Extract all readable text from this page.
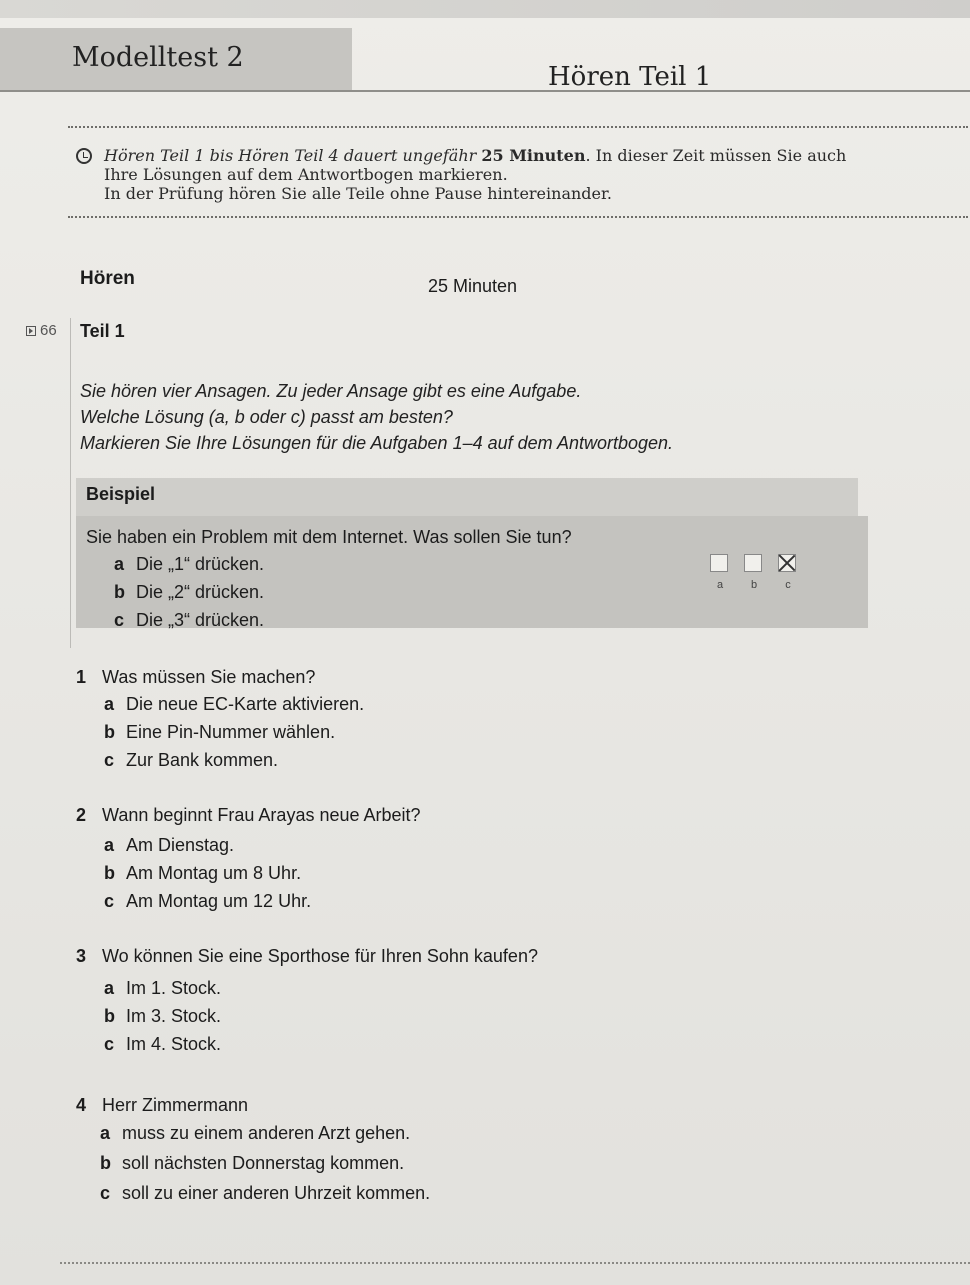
Modelltest 2
Hören Teil 1
Hören Teil 1 bis Hören Teil 4 dauert ungefähr 25 Minuten. In dieser Zeit müssen Sie auch
Ihre Lösungen auf dem Antwortbogen markieren.
In der Prüfung hören Sie alle Teile ohne Pause hintereinander.
Hören	25 Minuten
66 Teil 1
Sie hören vier Ansagen. Zu jeder Ansage gibt es eine Aufgabe.
Welche Lösung (a, b oder c) passt am besten?
Markieren Sie Ihre Lösungen für die Aufgaben 1–4 auf dem Antwortbogen.
Beispiel
Sie haben ein Problem mit dem Internet. Was sollen Sie tun?
a Die „1“ drücken.
b Die „2“ drücken.
c Die „3“ drücken.
a	b	c
1 Was müssen Sie machen?
a Die neue EC-Karte aktivieren.
b Eine Pin-Nummer wählen.
c Zur Bank kommen.
2 Wann beginnt Frau Arayas neue Arbeit?
a Am Dienstag.
b Am Montag um 8 Uhr.
c Am Montag um 12 Uhr.
3 Wo können Sie eine Sporthose für Ihren Sohn kaufen?
a Im 1. Stock.
b Im 3. Stock.
c Im 4. Stock.
4 Herr Zimmermann
a muss zu einem anderen Arzt gehen.
b soll nächsten Donnerstag kommen.
c soll zu einer anderen Uhrzeit kommen.
